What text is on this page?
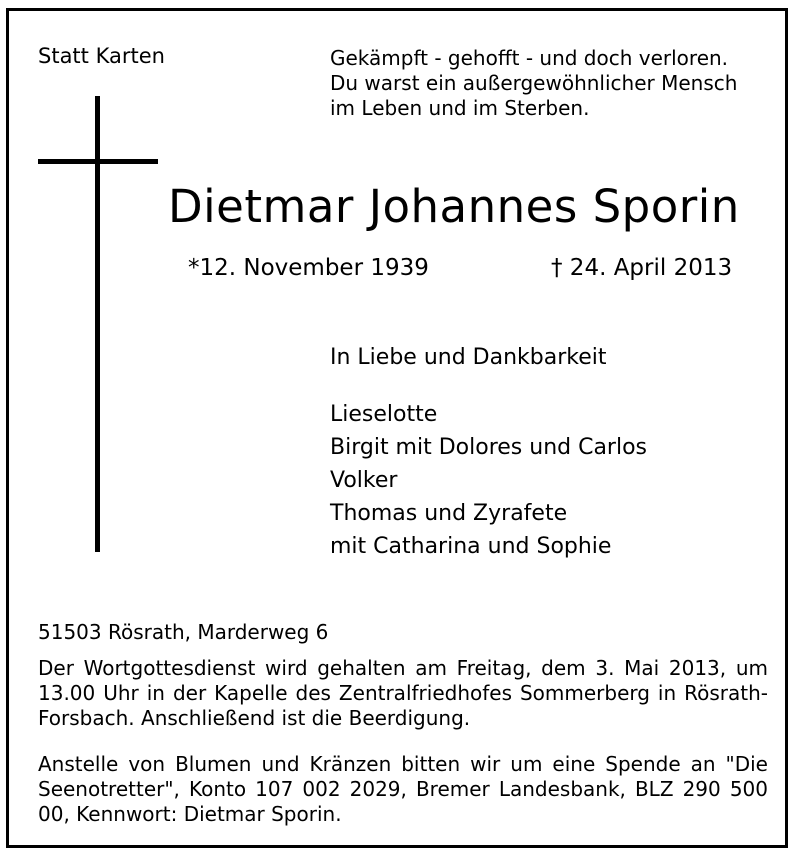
Statt Karten	Gekämpft - gehofft - und doch verloren.
Du warst ein außergewöhnlicher Mensch
im Leben und im Sterben.
Dietmar Johannes Sporin
*12. November 1939	† 24. April 2013
In Liebe und Dankbarkeit
Lieselotte
Birgit mit Dolores und Carlos
Volker
Thomas und Zyrafete
mit Catharina und Sophie
51503 Rösrath, Marderweg 6
Der Wortgottesdienst wird gehalten am Freitag, dem 3. Mai 2013, um 13.00 Uhr in der Kapelle des Zentralfriedhofes Sommerberg in Rösrath-Forsbach. Anschließend ist die Beerdigung.
Anstelle von Blumen und Kränzen bitten wir um eine Spende an "Die Seenotretter", Konto 107 002 2029, Bremer Landesbank, BLZ 290 500 00, Kennwort: Dietmar Sporin.
